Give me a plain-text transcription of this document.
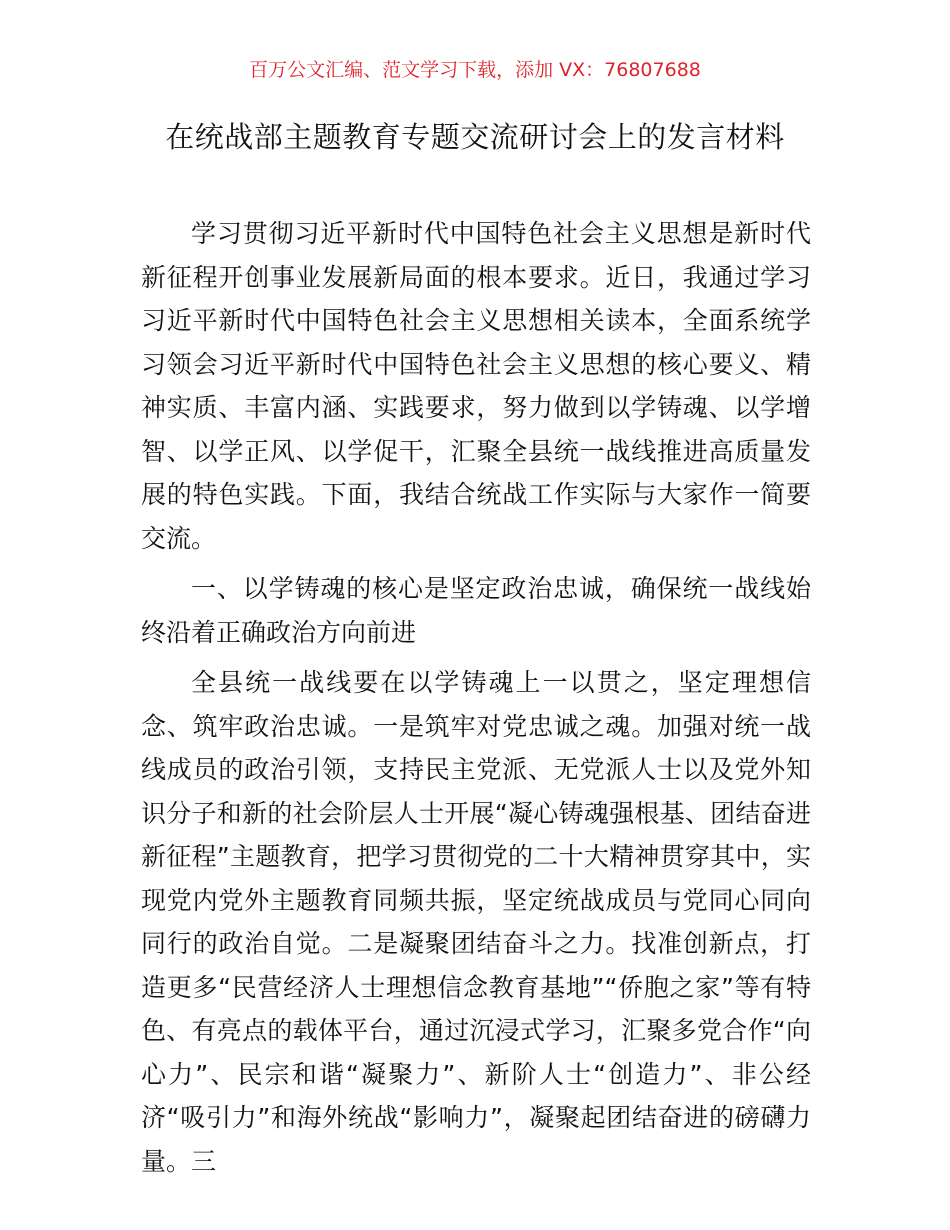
百万公文汇编、范文学习下载，添加 VX：76807688
在统战部主题教育专题交流研讨会上的发言材料

学习贯彻习近平新时代中国特色社会主义思想是新时代新征程开创事业发展新局面的根本要求。近日，我通过学习习近平新时代中国特色社会主义思想相关读本，全面系统学习领会习近平新时代中国特色社会主义思想的核心要义、精神实质、丰富内涵、实践要求，努力做到以学铸魂、以学增智、以学正风、以学促干，汇聚全县统一战线推进高质量发展的特色实践。下面，我结合统战工作实际与大家作一简要交流。

一、以学铸魂的核心是坚定政治忠诚，确保统一战线始终沿着正确政治方向前进

全县统一战线要在以学铸魂上一以贯之，坚定理想信念、筑牢政治忠诚。一是筑牢对党忠诚之魂。加强对统一战线成员的政治引领，支持民主党派、无党派人士以及党外知识分子和新的社会阶层人士开展“凝心铸魂强根基、团结奋进新征程”主题教育，把学习贯彻党的二十大精神贯穿其中，实现党内党外主题教育同频共振，坚定统战成员与党同心同向同行的政治自觉。二是凝聚团结奋斗之力。找准创新点，打造更多“民营经济人士理想信念教育基地”“侨胞之家”等有特色、有亮点的载体平台，通过沉浸式学习，汇聚多党合作“向心力”、民宗和谐“凝聚力”、新阶人士“创造力”、非公经济“吸引力”和海外统战“影响力”，凝聚起团结奋进的磅礴力量。三
